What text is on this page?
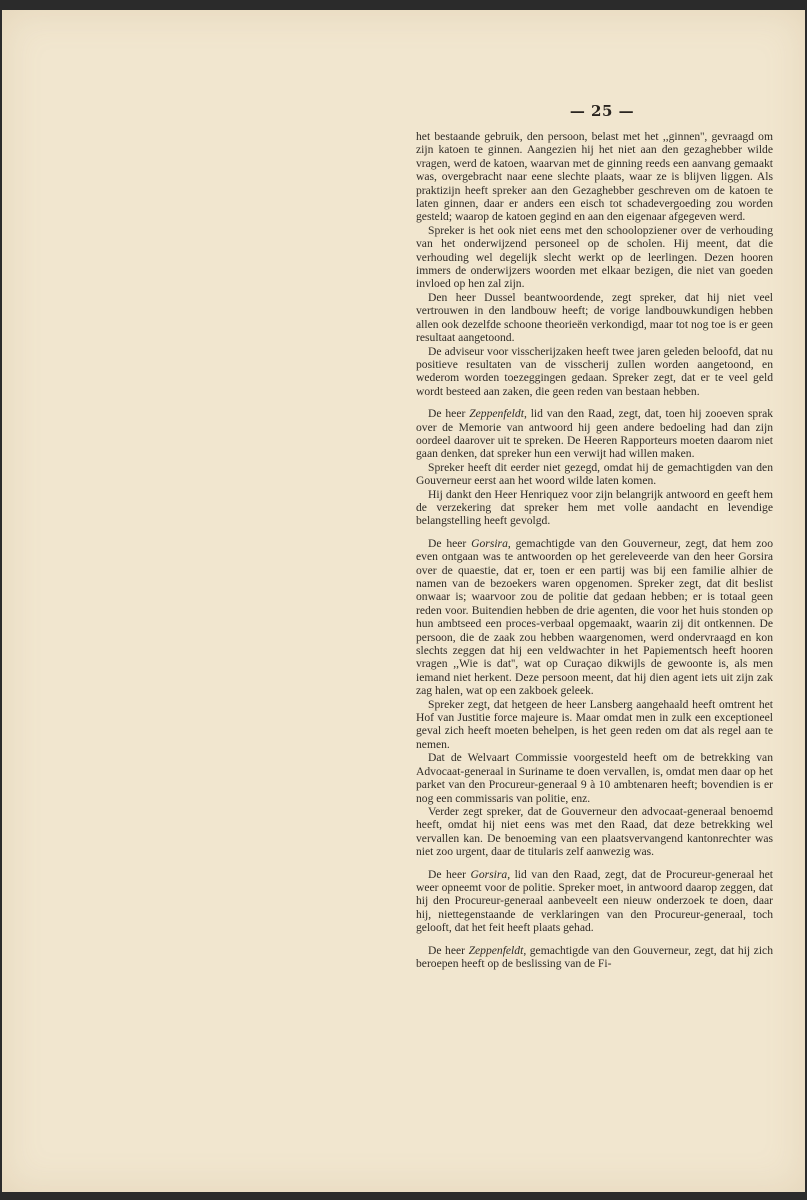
— 25 —

het bestaande gebruik, den persoon, belast met het ,,ginnen'', gevraagd om zijn katoen te ginnen. Aangezien hij het niet aan den gezaghebber wilde vragen, werd de katoen, waarvan met de ginning reeds een aanvang gemaakt was, overgebracht naar eene slechte plaats, waar ze is blijven liggen. Als praktizijn heeft spreker aan den Gezaghebber geschreven om de katoen te laten ginnen, daar er anders een eisch tot schadevergoeding zou worden gesteld; waarop de katoen gegind en aan den eigenaar afgegeven werd.

Spreker is het ook niet eens met den schoolopziener over de verhouding van het onderwijzend personeel op de scholen. Hij meent, dat die verhouding wel degelijk slecht werkt op de leerlingen. Dezen hooren immers de onderwijzers woorden met elkaar bezigen, die niet van goeden invloed op hen zal zijn.

Den heer Dussel beantwoordende, zegt spreker, dat hij niet veel vertrouwen in den landbouw heeft; de vorige landbouwkundigen hebben allen ook dezelfde schoone theorieën verkondigd, maar tot nog toe is er geen resultaat aangetoond.

De adviseur voor visscherijzaken heeft twee jaren geleden beloofd, dat nu positieve resultaten van de visscherij zullen worden aangetoond, en wederom worden toezeggingen gedaan. Spreker zegt, dat er te veel geld wordt besteed aan zaken, die geen reden van bestaan hebben.

De heer Zeppenfeldt, lid van den Raad, zegt, dat, toen hij zooeven sprak over de Memorie van antwoord hij geen andere bedoeling had dan zijn oordeel daarover uit te spreken. De Heeren Rapporteurs moeten daarom niet gaan denken, dat spreker hun een verwijt had willen maken.

Spreker heeft dit eerder niet gezegd, omdat hij de gemachtigden van den Gouverneur eerst aan het woord wilde laten komen.

Hij dankt den Heer Henriquez voor zijn belangrijk antwoord en geeft hem de verzekering dat spreker hem met volle aandacht en levendige belangstelling heeft gevolgd.

De heer Gorsira, gemachtigde van den Gouverneur, zegt, dat hem zoo even ontgaan was te antwoorden op het gereleveerde van den heer Gorsira over de quaestie, dat er, toen er een partij was bij een familie alhier de namen van de bezoekers waren opgenomen. Spreker zegt, dat dit beslist onwaar is; waarvoor zou de politie dat gedaan hebben; er is totaal geen reden voor. Buitendien hebben de drie agenten, die voor het huis stonden op hun ambtseed een proces-verbaal opgemaakt, waarin zij dit ontkennen. De persoon, die de zaak zou hebben waargenomen, werd ondervraagd en kon slechts zeggen dat hij een veldwachter in het Papiementsch heeft hooren vragen ,,Wie is dat'', wat op Curaçao dikwijls de gewoonte is, als men iemand niet herkent. Deze persoon meent, dat hij dien agent iets uit zijn zak zag halen, wat op een zakboek geleek.

Spreker zegt, dat hetgeen de heer Lansberg aangehaald heeft omtrent het Hof van Justitie force majeure is. Maar omdat men in zulk een exceptioneel geval zich heeft moeten behelpen, is het geen reden om dat als regel aan te nemen.

Dat de Welvaart Commissie voorgesteld heeft om de betrekking van Advocaat-generaal in Suriname te doen vervallen, is, omdat men daar op het parket van den Procureur-generaal 9 à 10 ambtenaren heeft; bovendien is er nog een commissaris van politie, enz.

Verder zegt spreker, dat de Gouverneur den advocaat-generaal benoemd heeft, omdat hij niet eens was met den Raad, dat deze betrekking wel vervallen kan. De benoeming van een plaatsvervangend kantonrechter was niet zoo urgent, daar de titularis zelf aanwezig was.

De heer Gorsira, lid van den Raad, zegt, dat de Procureur-generaal het weer opneemt voor de politie. Spreker moet, in antwoord daarop zeggen, dat hij den Procureur-generaal aanbeveelt een nieuw onderzoek te doen, daar hij, niettegenstaande de verklaringen van den Procureur-generaal, toch gelooft, dat het feit heeft plaats gehad.

De heer Zeppenfeldt, gemachtigde van den Gouverneur, zegt, dat hij zich beroepen heeft op de beslissing van de Fi-
